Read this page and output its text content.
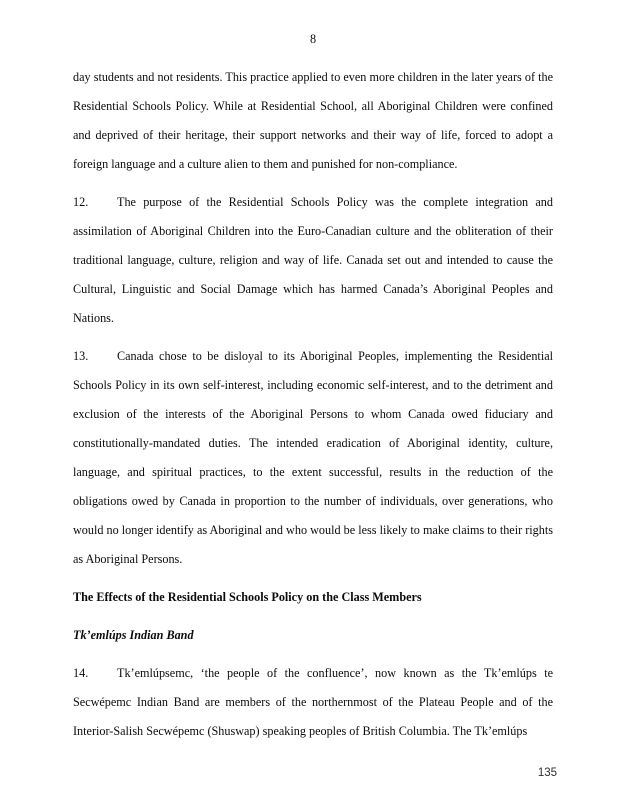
8

day students and not residents. This practice applied to even more children in the later years of the Residential Schools Policy. While at Residential School, all Aboriginal Children were confined and deprived of their heritage, their support networks and their way of life, forced to adopt a foreign language and a culture alien to them and punished for non-compliance.

12. The purpose of the Residential Schools Policy was the complete integration and assimilation of Aboriginal Children into the Euro-Canadian culture and the obliteration of their traditional language, culture, religion and way of life. Canada set out and intended to cause the Cultural, Linguistic and Social Damage which has harmed Canada’s Aboriginal Peoples and Nations.

13. Canada chose to be disloyal to its Aboriginal Peoples, implementing the Residential Schools Policy in its own self-interest, including economic self-interest, and to the detriment and exclusion of the interests of the Aboriginal Persons to whom Canada owed fiduciary and constitutionally-mandated duties. The intended eradication of Aboriginal identity, culture, language, and spiritual practices, to the extent successful, results in the reduction of the obligations owed by Canada in proportion to the number of individuals, over generations, who would no longer identify as Aboriginal and who would be less likely to make claims to their rights as Aboriginal Persons.

The Effects of the Residential Schools Policy on the Class Members
Tk’emlúps Indian Band

14. Tk’emlúpsemc, ‘the people of the confluence’, now known as the Tk’emlúps te Secwépemc Indian Band are members of the northernmost of the Plateau People and of the Interior-Salish Secwépemc (Shuswap) speaking peoples of British Columbia. The Tk’emlúps

135
